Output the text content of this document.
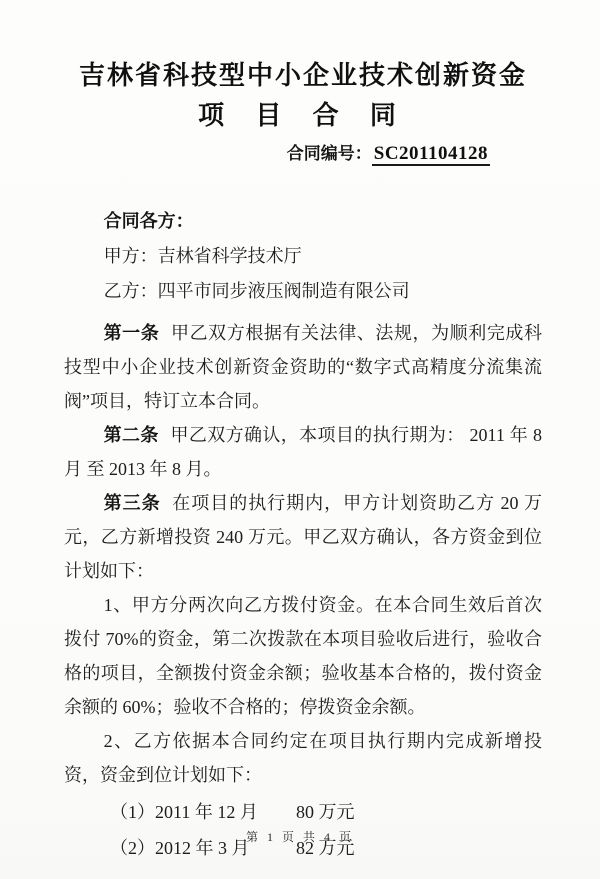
吉林省科技型中小企业技术创新资金
项 目 合 同
合同编号： SC201104128

合同各方：

甲方：吉林省科学技术厅

乙方：四平市同步液压阀制造有限公司

第一条 甲乙双方根据有关法律、法规，为顺利完成科技型中小企业技术创新资金资助的“数字式高精度分流集流阀”项目，特订立本合同。

第二条 甲乙双方确认，本项目的执行期为： 2011 年 8 月 至 2013 年 8 月。

第三条 在项目的执行期内，甲方计划资助乙方 20 万元，乙方新增投资 240 万元。甲乙双方确认，各方资金到位计划如下：

1、甲方分两次向乙方拨付资金。在本合同生效后首次拨付 70%的资金，第二次拨款在本项目验收后进行，验收合格的项目，全额拨付资金余额；验收基本合格的，拨付资金余额的 60%；验收不合格的；停拨资金余额。

2、乙方依据本合同约定在项目执行期内完成新增投资，资金到位计划如下：

（1）2011 年 12 月	80 万元
（2）2012 年 3 月	82 万元
第 1 页 共 4 页
